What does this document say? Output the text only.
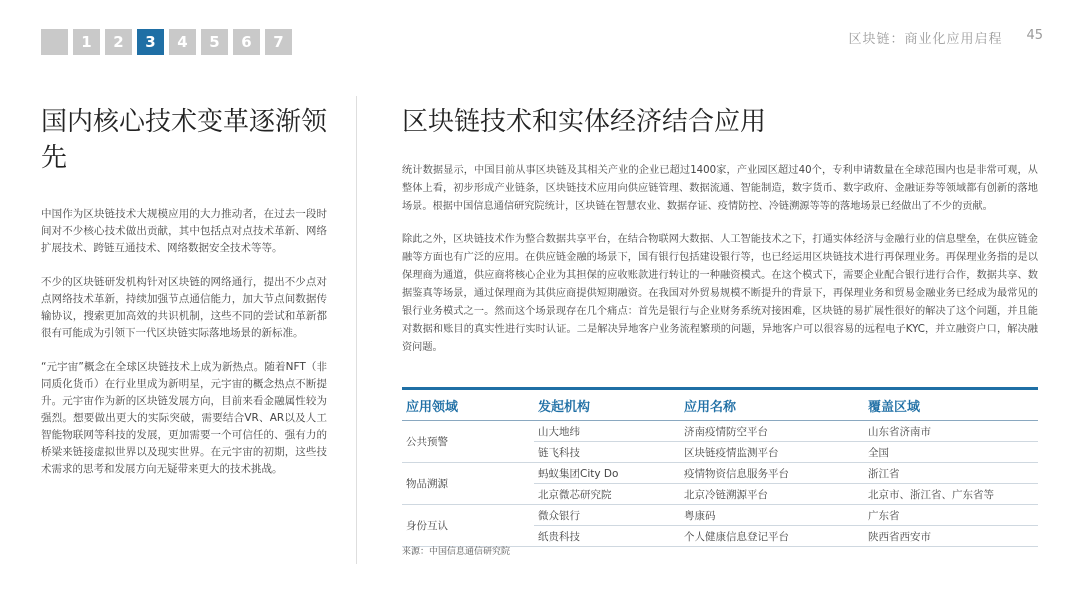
1	2	3	4	5	6	7	区块链：商业化应用启程 45
国内核心技术变革逐渐领先

中国作为区块链技术大规模应用的大力推动者，在过去一段时间对不少核心技术做出贡献，其中包括点对点技术革新、网络扩展技术、跨链互通技术、网络数据安全技术等等。

不少的区块链研发机构针对区块链的网络通行，提出不少点对点网络技术革新，持续加强节点通信能力，加大节点间数据传输协议，搜索更加高效的共识机制，这些不同的尝试和革新都很有可能成为引领下一代区块链实际落地场景的新标准。

“元宇宙”概念在全球区块链技术上成为新热点。随着NFT（非同质化货币）在行业里成为新明星，元宇宙的概念热点不断提升。元宇宙作为新的区块链发展方向，目前来看金融属性较为强烈。想要做出更大的实际突破，需要结合VR、AR以及人工智能物联网等科技的发展，更加需要一个可信任的、强有力的桥梁来链接虚拟世界以及现实世界。在元宇宙的初期，这些技术需求的思考和发展方向无疑带来更大的技术挑战。

区块链技术和实体经济结合应用

统计数据显示，中国目前从事区块链及其相关产业的企业已超过1400家，产业园区超过40个，专利申请数量在全球范围内也是非常可观，从整体上看，初步形成产业链条，区块链技术应用向供应链管理、数据流通、智能制造，数字货币、数字政府、金融证券等领域都有创新的落地场景。根据中国信息通信研究院统计，区块链在智慧农业、数据存证、疫情防控、冷链溯源等等的落地场景已经做出了不少的贡献。

除此之外，区块链技术作为整合数据共享平台，在结合物联网大数据、人工智能技术之下，打通实体经济与金融行业的信息壁垒，在供应链金融等方面也有广泛的应用。在供应链金融的场景下，国有银行包括建设银行等，也已经运用区块链技术进行再保理业务。再保理业务指的是以保理商为通道，供应商将核心企业为其担保的应收账款进行转让的一种融资模式。在这个模式下，需要企业配合银行进行合作，数据共享、数据鉴真等场景，通过保理商为其供应商提供短期融资。在我国对外贸易规模不断提升的背景下，再保理业务和贸易金融业务已经成为最常见的银行业务模式之一。然而这个场景现存在几个痛点：首先是银行与企业财务系统对接困难，区块链的易扩展性很好的解决了这个问题，并且能对数据和账目的真实性进行实时认证。二是解决异地客户业务流程繁琐的问题，异地客户可以很容易的远程电子KYC，并立融资户口，解决融资问题。

应用领域	发起机构	应用名称	覆盖区域
公共预警	山大地纬	济南疫情防空平台	山东省济南市
	链飞科技	区块链疫情监测平台	全国
物品溯源	蚂蚁集团City Do	疫情物资信息服务平台	浙江省
	北京微芯研究院	北京冷链溯源平台	北京市、浙江省、广东省等
身份互认	微众银行	粤康码	广东省
	纸贵科技	个人健康信息登记平台	陕西省西安市
来源：中国信息通信研究院
